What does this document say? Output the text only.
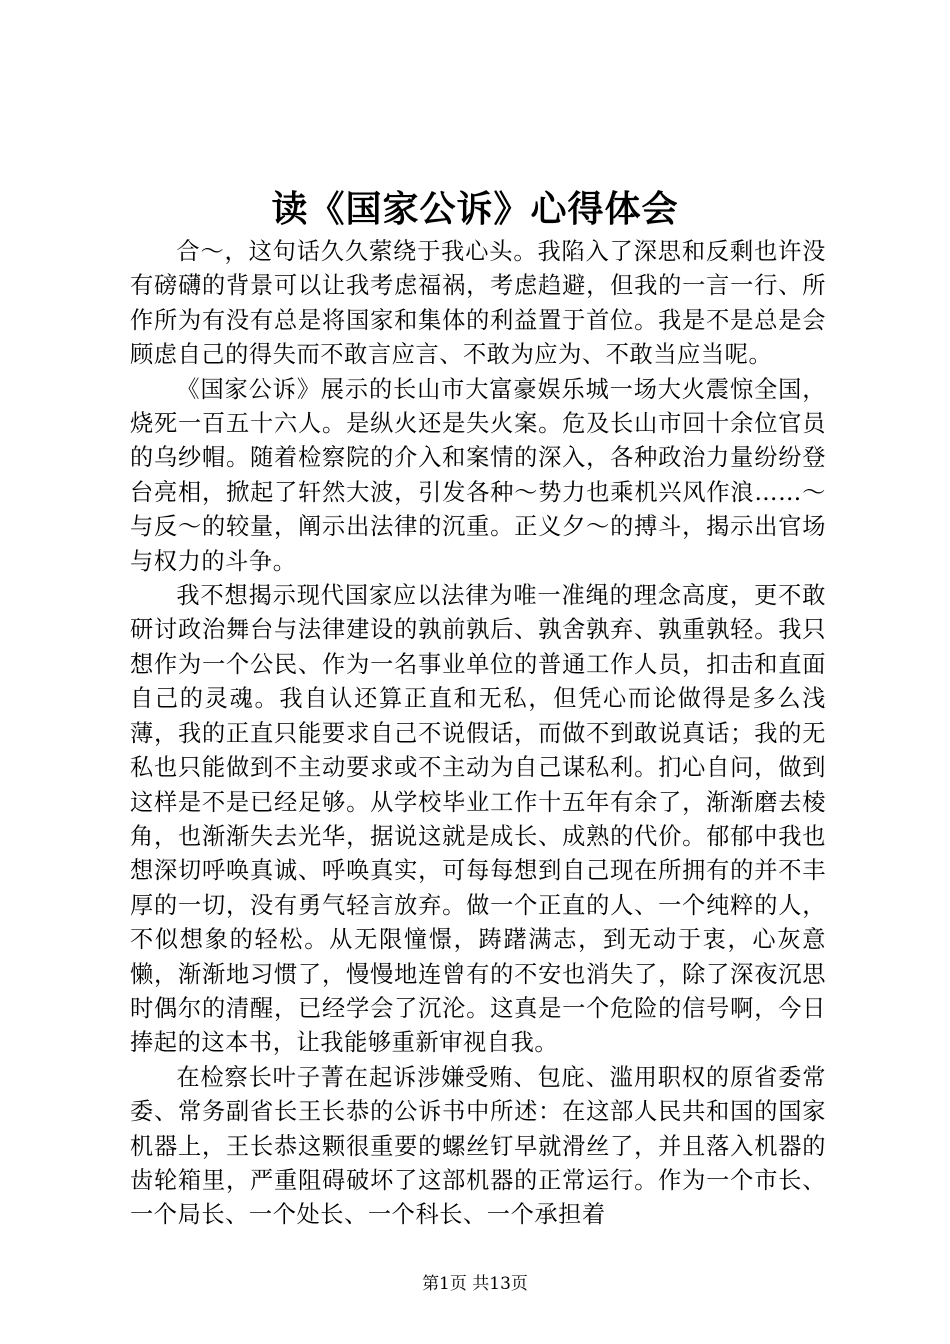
读《国家公诉》心得体会

合～，这句话久久萦绕于我心头。我陷入了深思和反剩也许没有磅礴的背景可以让我考虑福祸，考虑趋避，但我的一言一行、所作所为有没有总是将国家和集体的利益置于首位。我是不是总是会顾虑自己的得失而不敢言应言、不敢为应为、不敢当应当呢。

《国家公诉》展示的长山市大富豪娱乐城一场大火震惊全国，烧死一百五十六人。是纵火还是失火案。危及长山市回十余位官员的乌纱帽。随着检察院的介入和案情的深入，各种政治力量纷纷登台亮相，掀起了轩然大波，引发各种～势力也乘机兴风作浪……～与反～的较量，阐示出法律的沉重。正义夕～的搏斗，揭示出官场与权力的斗争。

我不想揭示现代国家应以法律为唯一准绳的理念高度，更不敢研讨政治舞台与法律建设的孰前孰后、孰舍孰弃、孰重孰轻。我只想作为一个公民、作为一名事业单位的普通工作人员，扣击和直面自己的灵魂。我自认还算正直和无私，但凭心而论做得是多么浅薄，我的正直只能要求自己不说假话，而做不到敢说真话；我的无私也只能做到不主动要求或不主动为自己谋私利。扪心自问，做到这样是不是已经足够。从学校毕业工作十五年有余了，渐渐磨去棱角，也渐渐失去光华，据说这就是成长、成熟的代价。郁郁中我也想深切呼唤真诚、呼唤真实，可每每想到自己现在所拥有的并不丰厚的一切，没有勇气轻言放弃。做一个正直的人、一个纯粹的人，不似想象的轻松。从无限憧憬，踌躇满志，到无动于衷，心灰意懒，渐渐地习惯了，慢慢地连曾有的不安也消失了，除了深夜沉思时偶尔的清醒，已经学会了沉沦。这真是一个危险的信号啊，今日捧起的这本书，让我能够重新审视自我。

在检察长叶子菁在起诉涉嫌受贿、包庇、滥用职权的原省委常委、常务副省长王长恭的公诉书中所述：在这部人民共和国的国家机器上，王长恭这颗很重要的螺丝钉早就滑丝了，并且落入机器的齿轮箱里，严重阻碍破坏了这部机器的正常运行。作为一个市长、一个局长、一个处长、一个科长、一个承担着

第1页 共13页
